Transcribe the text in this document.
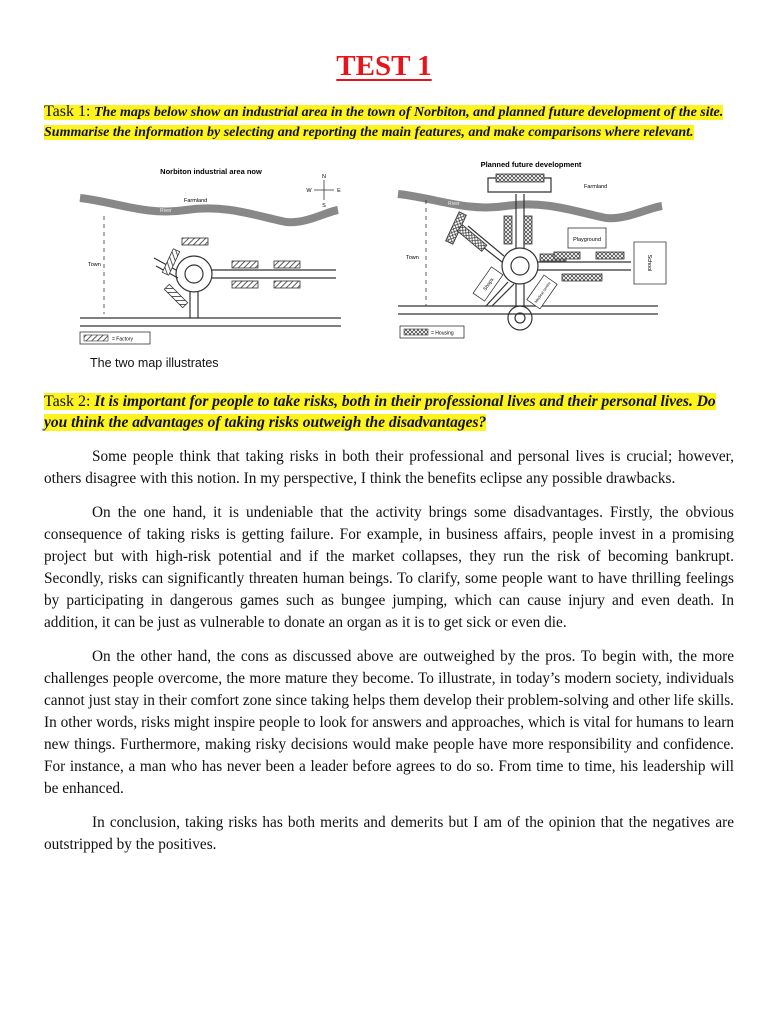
TEST 1
Task 1: The maps below show an industrial area in the town of Norbiton, and planned future development of the site. Summarise the information by selecting and reporting the main features, and make comparisons where relevant.
Norbiton industrial area now
N
S
W	E
River
Farmland
Town
= Factory
Planned future development
River
Farmland
Town
Playground
School
Shops	Medical centre
= Housing
The two map illustrates
Task 2: It is important for people to take risks, both in their professional lives and their personal lives. Do you think the advantages of taking risks outweigh the disadvantages?

Some people think that taking risks in both their professional and personal lives is crucial; however, others disagree with this notion. In my perspective, I think the benefits eclipse any possible drawbacks.

On the one hand, it is undeniable that the activity brings some disadvantages. Firstly, the obvious consequence of taking risks is getting failure. For example, in business affairs, people invest in a promising project but with high-risk potential and if the market collapses, they run the risk of becoming bankrupt. Secondly, risks can significantly threaten human beings. To clarify, some people want to have thrilling feelings by participating in dangerous games such as bungee jumping, which can cause injury and even death. In addition, it can be just as vulnerable to donate an organ as it is to get sick or even die.

On the other hand, the cons as discussed above are outweighed by the pros. To begin with, the more challenges people overcome, the more mature they become. To illustrate, in today’s modern society, individuals cannot just stay in their comfort zone since taking helps them develop their problem-solving and other life skills. In other words, risks might inspire people to look for answers and approaches, which is vital for humans to learn new things. Furthermore, making risky decisions would make people have more responsibility and confidence. For instance, a man who has never been a leader before agrees to do so. From time to time, his leadership will be enhanced.

In conclusion, taking risks has both merits and demerits but I am of the opinion that the negatives are outstripped by the positives.
